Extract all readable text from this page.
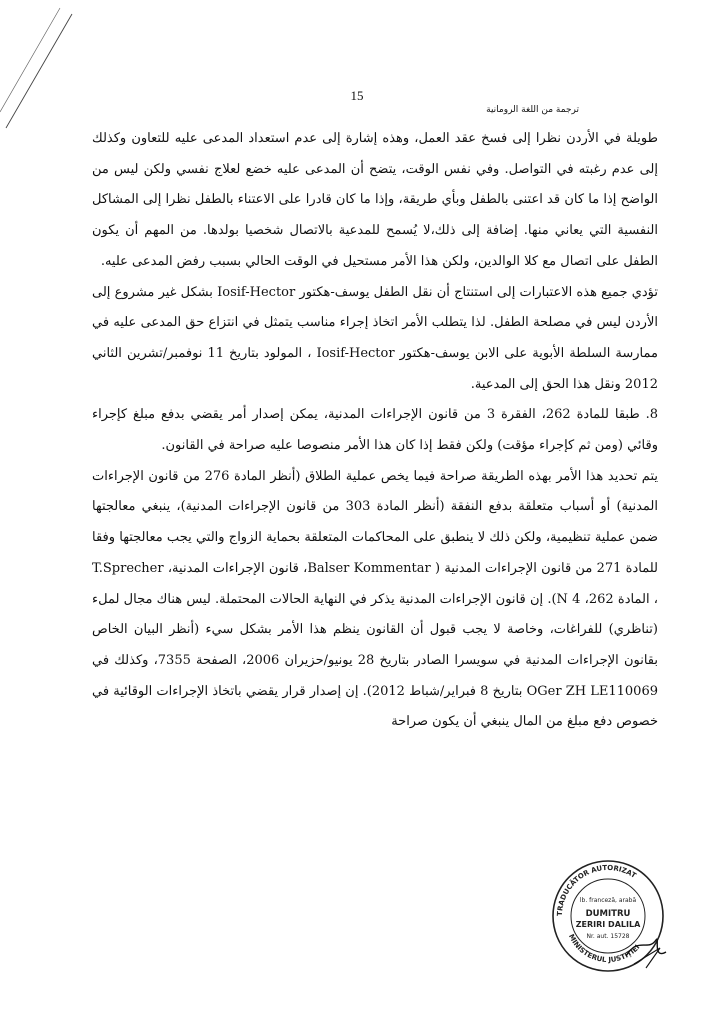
15
ترجمة من اللغة الرومانية

طويلة في الأردن نظرا إلى فسخ عقد العمل، وهذه إشارة إلى عدم استعداد المدعى عليه للتعاون وكذلك إلى عدم رغبته في التواصل. وفي نفس الوقت، يتضح أن المدعى عليه خضع لعلاج نفسي ولكن ليس من الواضح إذا ما كان قد اعتنى بالطفل وبأي طريقة، وإذا ما كان قادرا على الاعتناء بالطفل نظرا إلى المشاكل النفسية التي يعاني منها. إضافة إلى ذلك،لا يُسمح للمدعية بالاتصال شخصيا بولدها. من المهم أن يكون الطفل على اتصال مع كلا الوالدين، ولكن هذا الأمر مستحيل في الوقت الحالي بسبب رفض المدعى عليه.

تؤدي جميع هذه الاعتبارات إلى استنتاج أن نقل الطفل يوسف-هكتور Iosif-Hector بشكل غير مشروع إلى الأردن ليس في مصلحة الطفل. لذا يتطلب الأمر اتخاذ إجراء مناسب يتمثل في انتزاع حق المدعى عليه في ممارسة السلطة الأبوية على الابن يوسف-هكتور Iosif-Hector ، المولود بتاريخ 11 نوفمبر/تشرين الثاني 2012 ونقل هذا الحق إلى المدعية.

8. طبقا للمادة 262، الفقرة 3 من قانون الإجراءات المدنية، يمكن إصدار أمر يقضي بدفع مبلغ كإجراء وقائي (ومن ثم كإجراء مؤقت) ولكن فقط إذا كان هذا الأمر منصوصا عليه صراحة في القانون.

يتم تحديد هذا الأمر بهذه الطريقة صراحة فيما يخص عملية الطلاق (أنظر المادة 276 من قانون الإجراءات المدنية) أو أسباب متعلقة بدفع النفقة (أنظر المادة 303 من قانون الإجراءات المدنية)، ينبغي معالجتها ضمن عملية تنظيمية، ولكن ذلك لا ينطبق على المحاكمات المتعلقة بحماية الزواج والتي يجب معالجتها وفقا للمادة 271 من قانون الإجراءات المدنية ( Balser Kommentar، قانون الإجراءات المدنية، T.Sprecher ، المادة 262، N 4). إن قانون الإجراءات المدنية يذكر في النهاية الحالات المحتملة. ليس هناك مجال لملء (تناظري) للفراغات، وخاصة لا يجب قبول أن القانون ينظم هذا الأمر بشكل سيء (أنظر البيان الخاص بقانون الإجراءات المدنية في سويسرا الصادر بتاريخ 28 يونيو/حزيران 2006، الصفحة 7355، وكذلك في OGer ZH LE110069 بتاريخ 8 فبراير/شباط 2012). إن إصدار قرار يقضي باتخاذ الإجراءات الوقائية في خصوص دفع مبلغ من المال ينبغي أن يكون صراحة

TRADUCĂTOR AUTORIZAT
MINISTERUL JUSTIȚIEI
lb. franceză, arabă
DUMITRU
ZERIRI DALILA
Nr. aut. 15728
